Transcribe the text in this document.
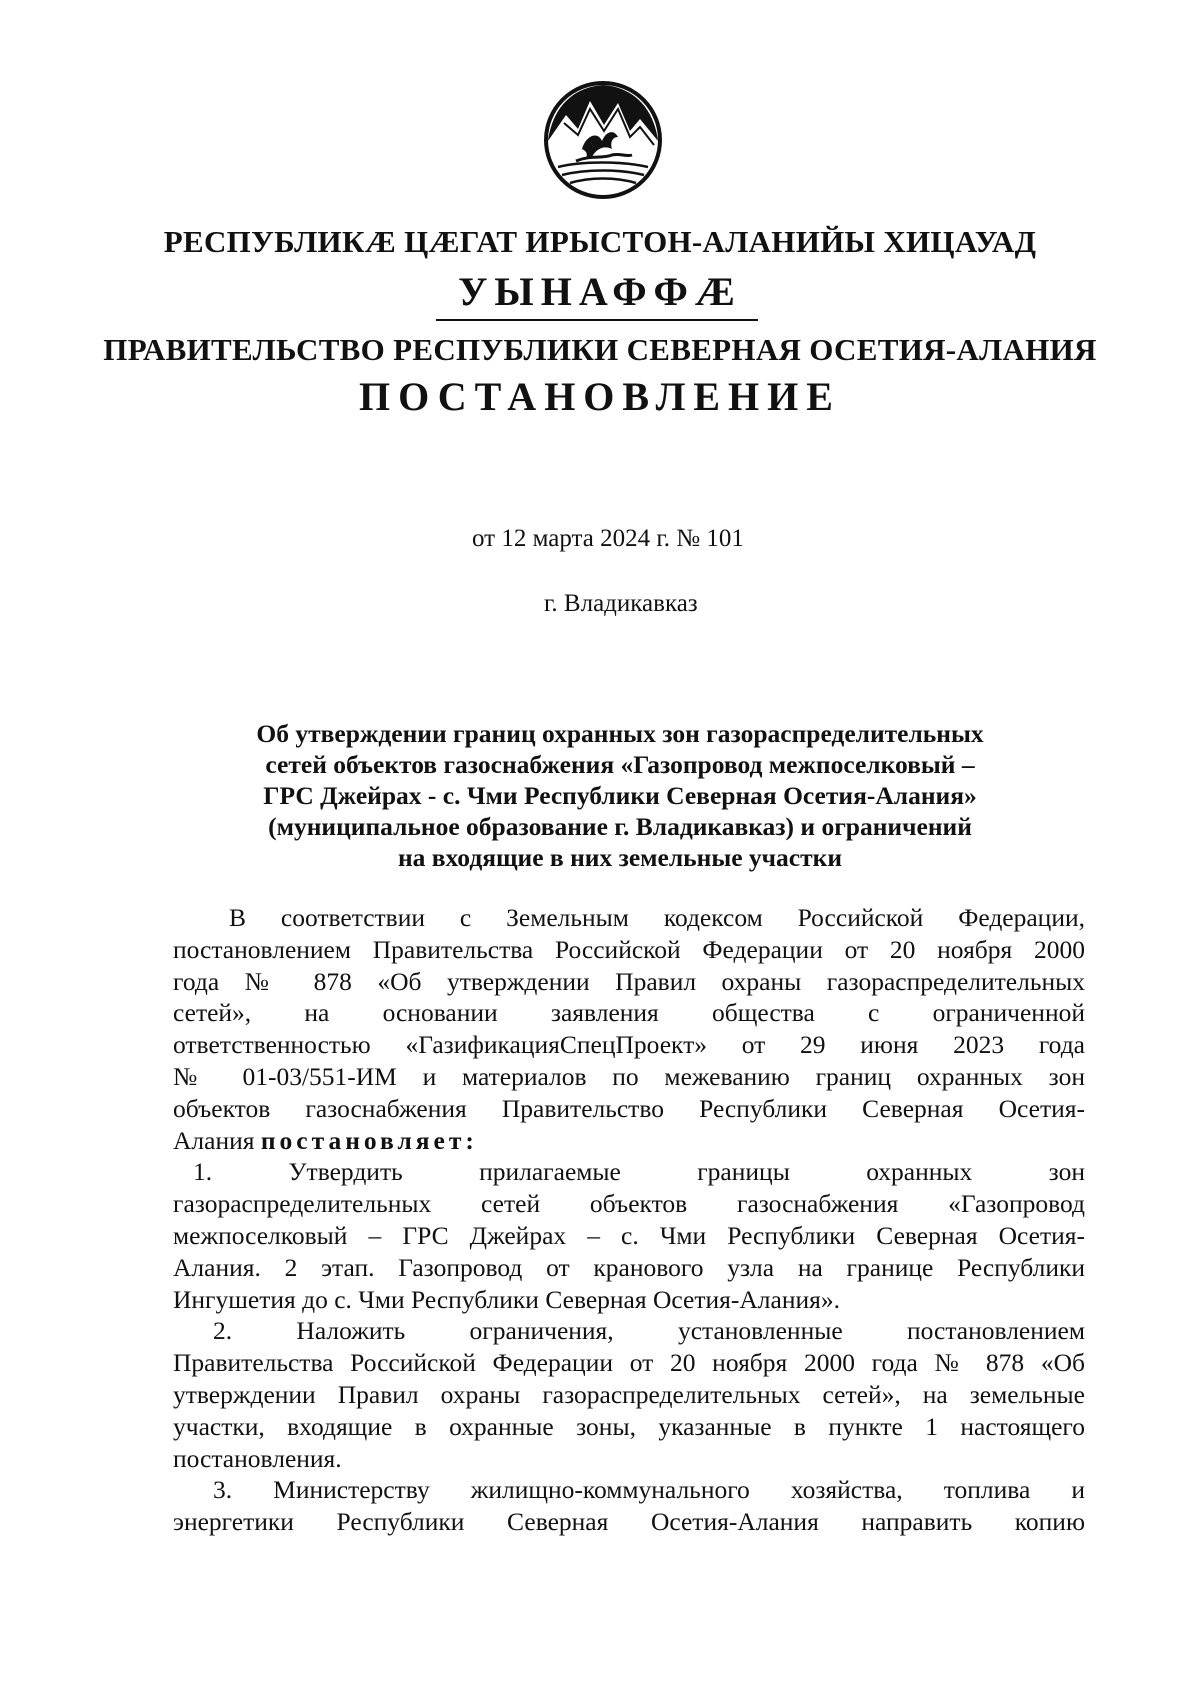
РЕСПУБЛИКÆ ЦÆГАТ ИРЫСТОН-АЛАНИЙЫ ХИЦАУАД
УЫНАФФÆ
ПРАВИТЕЛЬСТВО РЕСПУБЛИКИ СЕВЕРНАЯ ОСЕТИЯ-АЛАНИЯ
ПОСТАНОВЛЕНИЕ
от 12 марта 2024 г. № 101
г. Владикавказ
Об утверждении границ охранных зон газораспределительных
сетей объектов газоснабжения «Газопровод межпоселковый –
ГРС Джейрах - с. Чми Республики Северная Осетия-Алания»
(муниципальное образование г. Владикавказ) и ограничений
на входящие в них земельные участки
В соответствии с Земельным кодексом Российской Федерации,
постановлением Правительства Российской Федерации от 20 ноября 2000
года № 878 «Об утверждении Правил охраны газораспределительных
сетей», на основании заявления общества с ограниченной
ответственностью «ГазификацияСпецПроект» от 29 июня 2023 года
№ 01-03/551-ИМ и материалов по межеванию границ охранных зон
объектов газоснабжения Правительство Республики Северная Осетия-
Алания постановляет:
1. Утвердить прилагаемые границы охранных зон
газораспределительных сетей объектов газоснабжения «Газопровод
межпоселковый – ГРС Джейрах – с. Чми Республики Северная Осетия-
Алания. 2 этап. Газопровод от кранового узла на границе Республики
Ингушетия до с. Чми Республики Северная Осетия-Алания».
2. Наложить ограничения, установленные постановлением
Правительства Российской Федерации от 20 ноября 2000 года № 878 «Об
утверждении Правил охраны газораспределительных сетей», на земельные
участки, входящие в охранные зоны, указанные в пункте 1 настоящего
постановления.
3. Министерству жилищно-коммунального хозяйства, топлива и
энергетики Республики Северная Осетия-Алания направить копию
